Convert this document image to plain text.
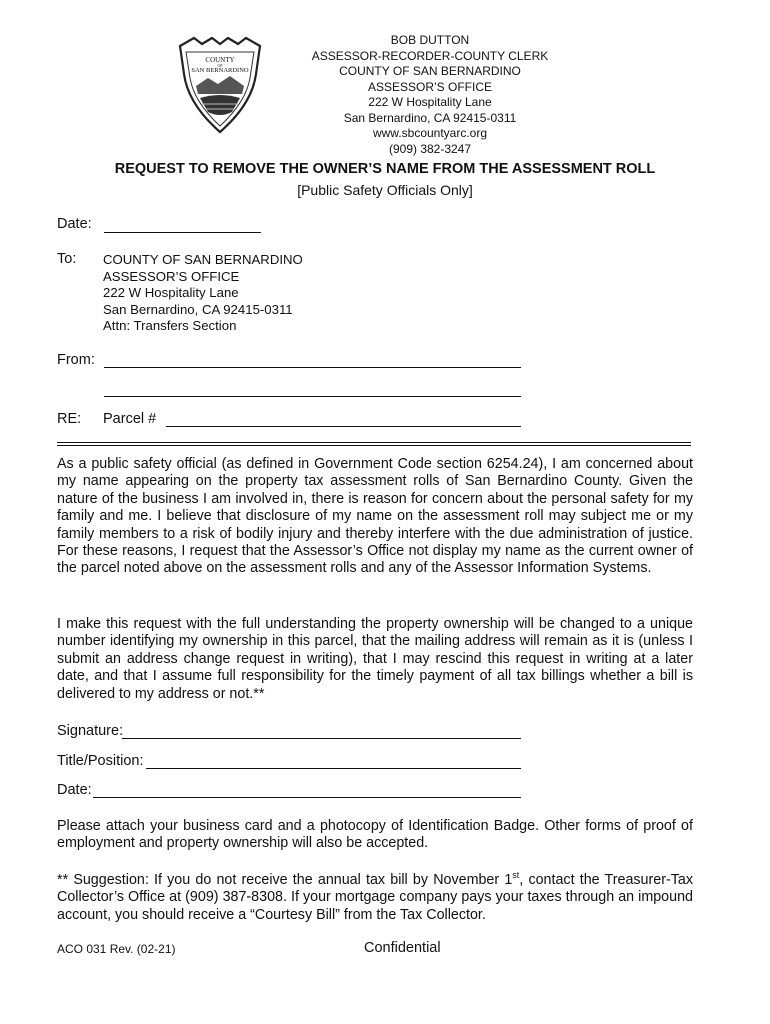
COUNTY
SAN BERNARDINO
OF
BOB DUTTON
ASSESSOR-RECORDER-COUNTY CLERK
COUNTY OF SAN BERNARDINO
ASSESSOR’S OFFICE
222 W Hospitality Lane
San Bernardino, CA 92415-0311
www.sbcountyarc.org
(909) 382-3247
REQUEST TO REMOVE THE OWNER’S NAME FROM THE ASSESSMENT ROLL
[Public Safety Officials Only]
Date:
To: COUNTY OF SAN BERNARDINO
ASSESSOR’S OFFICE
222 W Hospitality Lane
San Bernardino, CA 92415-0311
Attn: Transfers Section
From:
RE: Parcel #
As a public safety official (as defined in Government Code section 6254.24), I am concerned about my name appearing on the property tax assessment rolls of San Bernardino County. Given the nature of the business I am involved in, there is reason for concern about the personal safety for my family and me. I believe that disclosure of my name on the assessment roll may subject me or my family members to a risk of bodily injury and thereby interfere with the due administration of justice. For these reasons, I request that the Assessor’s Office not display my name as the current owner of the parcel noted above on the assessment rolls and any of the Assessor Information Systems.
I make this request with the full understanding the property ownership will be changed to a unique number identifying my ownership in this parcel, that the mailing address will remain as it is (unless I submit an address change request in writing), that I may rescind this request in writing at a later date, and that I assume full responsibility for the timely payment of all tax billings whether a bill is delivered to my address or not.**
Signature:
Title/Position:
Date:
Please attach your business card and a photocopy of Identification Badge. Other forms of proof of employment and property ownership will also be accepted.
** Suggestion: If you do not receive the annual tax bill by November 1st, contact the Treasurer-Tax Collector’s Office at (909) 387-8308. If your mortgage company pays your taxes through an impound account, you should receive a “Courtesy Bill” from the Tax Collector.
ACO 031 Rev. (02-21)	Confidential
